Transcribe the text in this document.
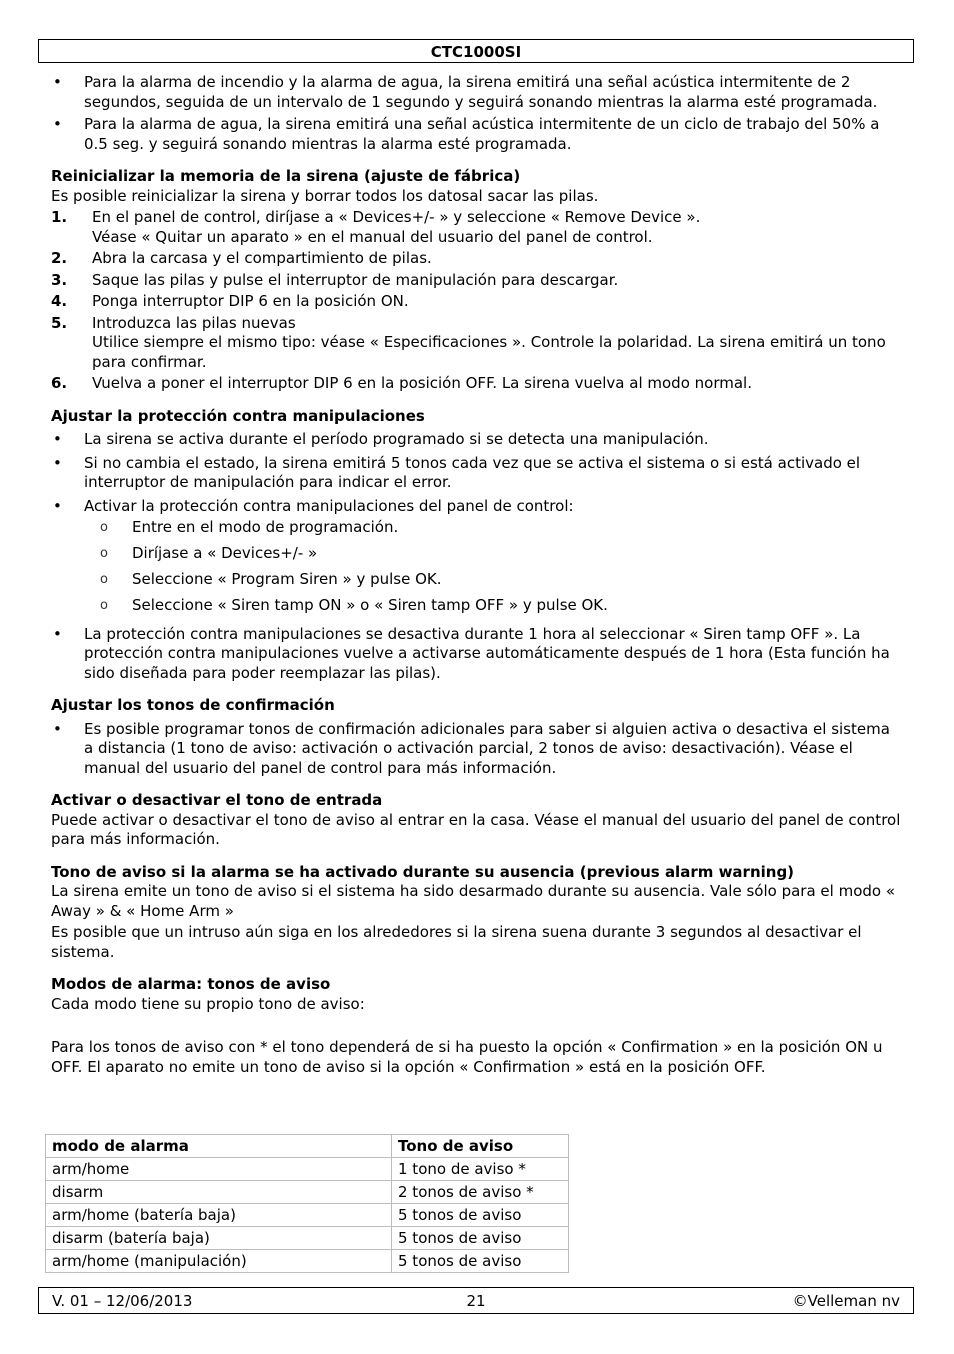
CTC1000SI
• Para la alarma de incendio y la alarma de agua, la sirena emitirá una señal acústica intermitente de 2 segundos, seguida de un intervalo de 1 segundo y seguirá sonando mientras la alarma esté programada.
• Para la alarma de agua, la sirena emitirá una señal acústica intermitente de un ciclo de trabajo del 50% a 0.5 seg. y seguirá sonando mientras la alarma esté programada.
Reinicializar la memoria de la sirena (ajuste de fábrica)

Es posible reinicializar la sirena y borrar todos los datosal sacar las pilas.

1. En el panel de control, diríjase a « Devices+/- » y seleccione « Remove Device ».
Véase « Quitar un aparato » en el manual del usuario del panel de control.
2. Abra la carcasa y el compartimiento de pilas.
3. Saque las pilas y pulse el interruptor de manipulación para descargar.
4. Ponga interruptor DIP 6 en la posición ON.
5. Introduzca las pilas nuevas
Utilice siempre el mismo tipo: véase « Especificaciones ». Controle la polaridad. La sirena emitirá un tono para confirmar.
6. Vuelva a poner el interruptor DIP 6 en la posición OFF. La sirena vuelva al modo normal.
Ajustar la protección contra manipulaciones
• La sirena se activa durante el período programado si se detecta una manipulación.
• Si no cambia el estado, la sirena emitirá 5 tonos cada vez que se activa el sistema o si está activado el interruptor de manipulación para indicar el error.
• Activar la protección contra manipulaciones del panel de control:
o Entre en el modo de programación.
o Diríjase a « Devices+/- »
o Seleccione « Program Siren » y pulse OK.
o Seleccione « Siren tamp ON » o « Siren tamp OFF » y pulse OK.
• La protección contra manipulaciones se desactiva durante 1 hora al seleccionar « Siren tamp OFF ». La protección contra manipulaciones vuelve a activarse automáticamente después de 1 hora (Esta función ha sido diseñada para poder reemplazar las pilas).
Ajustar los tonos de confirmación
• Es posible programar tonos de confirmación adicionales para saber si alguien activa o desactiva el sistema a distancia (1 tono de aviso: activación o activación parcial, 2 tonos de aviso: desactivación). Véase el manual del usuario del panel de control para más información.
Activar o desactivar el tono de entrada

Puede activar o desactivar el tono de aviso al entrar en la casa. Véase el manual del usuario del panel de control para más información.

Tono de aviso si la alarma se ha activado durante su ausencia (previous alarm warning)

La sirena emite un tono de aviso si el sistema ha sido desarmado durante su ausencia. Vale sólo para el modo « Away » & « Home Arm »

Es posible que un intruso aún siga en los alrededores si la sirena suena durante 3 segundos al desactivar el sistema.

Modos de alarma: tonos de aviso

Cada modo tiene su propio tono de aviso:

Para los tonos de aviso con * el tono dependerá de si ha puesto la opción « Confirmation » en la posición ON u OFF. El aparato no emite un tono de aviso si la opción « Confirmation » está en la posición OFF.

modo de alarma	Tono de aviso
arm/home	1 tono de aviso *
disarm	2 tonos de aviso *
arm/home (batería baja)	5 tonos de aviso
disarm (batería baja)	5 tonos de aviso
arm/home (manipulación)	5 tonos de aviso
V. 01 – 12/06/2013	21	©Velleman nv
